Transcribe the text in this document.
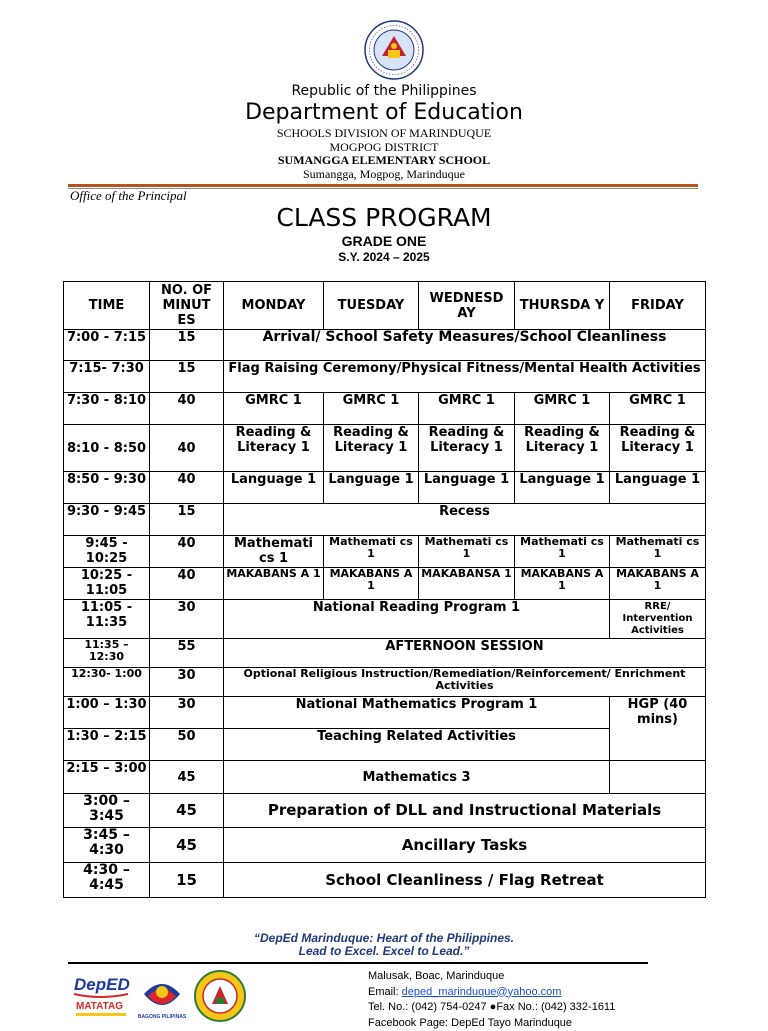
Republic of the Philippines
Department of Education
SCHOOLS DIVISION OF MARINDUQUE
MOGPOG DISTRICT
SUMANGGA ELEMENTARY SCHOOL
Sumangga, Mogpog, Marinduque
Office of the Principal
CLASS PROGRAM
GRADE ONE
S.Y. 2024 – 2025
TIME	NO. OF MINUT ES	MONDAY	TUESDAY	WEDNESD AY	THURSDA Y	FRIDAY
7:00 - 7:15	15	Arrival/ School Safety Measures/School Cleanliness				
7:15- 7:30	15	Flag Raising Ceremony/Physical Fitness/Mental Health Activities				
7:30 - 8:10	40	GMRC 1	GMRC 1	GMRC 1	GMRC 1	GMRC 1
8:10 - 8:50	40	Reading & Literacy 1	Reading & Literacy 1	Reading & Literacy 1	Reading & Literacy 1	Reading & Literacy 1
8:50 - 9:30	40	Language 1	Language 1	Language 1	Language 1	Language 1
9:30 - 9:45	15	Recess				
9:45 - 10:25	40	Mathemati cs 1	Mathemati cs 1	Mathemati cs 1	Mathemati cs 1	Mathemati cs 1
10:25 - 11:05	40	MAKABANS A 1	MAKABANS A 1	MAKABANSA 1	MAKABANS A 1	MAKABANS A 1
11:05 - 11:35	30	National Reading Program 1				RRE/ Intervention Activities
11:35 – 12:30	55	AFTERNOON SESSION				
12:30- 1:00	30	Optional Religious Instruction/Remediation/Reinforcement/ Enrichment Activities				
1:00 – 1:30	30	National Mathematics Program 1				HGP (40 mins)
1:30 – 2:15	50	Teaching Related Activities				
2:15 – 3:00	45	Mathematics 3				
3:00 – 3:45	45	Preparation of DLL and Instructional Materials				
3:45 – 4:30	45	Ancillary Tasks				
4:30 – 4:45	15	School Cleanliness / Flag Retreat				
“DepEd Marinduque: Heart of the Philippines.
Lead to Excel. Excel to Lead.”
DepED
MATATAG
BAGONG PILIPINAS
Malusak, Boac, Marinduque
Email: deped_marinduque@yahoo.com
Tel. No.: (042) 754-0247 ●Fax No.: (042) 332-1611
Facebook Page: DepEd Tayo Marinduque
